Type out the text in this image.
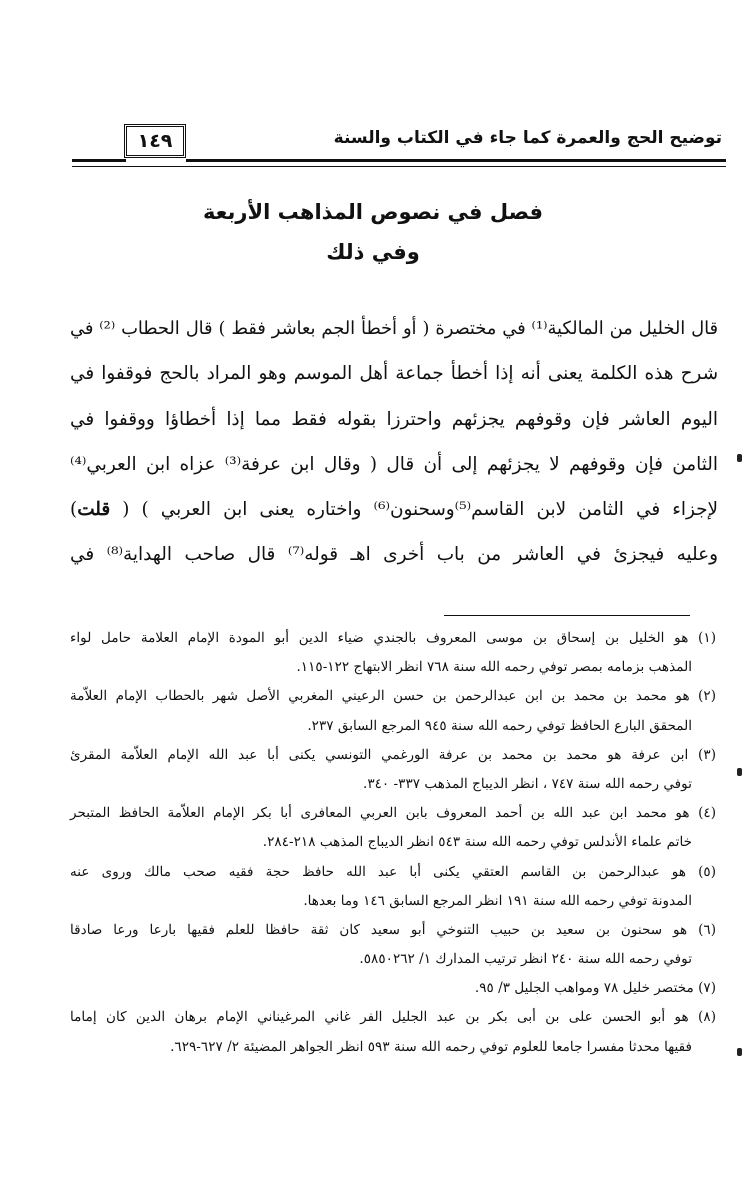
توضيح الحج والعمرة كما جاء في الكتاب والسنة
١٤٩
فصل في نصوص المذاهب الأربعة
وفي ذلك
قال الخليل من المالكية⁽¹⁾ في مختصرة ( أو أخطأ الجم بعاشر فقط ) قال الحطاب ⁽²⁾ في
شرح هذه الكلمة يعنى أنه إذا أخطأ جماعة أهل الموسم وهو المراد بالحج فوقفوا في
اليوم العاشر فإن وقوفهم يجزئهم واحترزا بقوله فقط مما إذا أخطاؤا ووقفوا في
الثامن فإن وقوفهم لا يجزئهم إلى أن قال ( وقال ابن عرفة⁽³⁾ عزاه ابن العربي⁽⁴⁾
لإجزاء في الثامن لابن القاسم⁽⁵⁾وسحنون⁽⁶⁾ واختاره يعنى ابن العربي ) ( قلت)
وعليه فيجزئ في العاشر من باب أخرى اهـ قوله⁽⁷⁾ قال صاحب الهداية⁽⁸⁾ في
(١) هو الخليل بن إسحاق بن موسى المعروف بالجندي ضياء الدين أبو المودة الإمام العلامة حامل لواء
المذهب بزمامه بمصر توفي رحمه الله سنة ٧٦٨ انظر الابتهاج ١٢٢-١١٥.
(٢) هو محمد بن محمد بن ابن عبدالرحمن بن حسن الرعيني المغربي الأصل شهر بالحطاب الإمام العلاّمة
المحقق البارع الحافظ توفي رحمه الله سنة ٩٤٥ المرجع السابق ٢٣٧.
(٣) ابن عرفة هو محمد بن محمد بن عرفة الورغمي التونسي يكنى أبا عبد الله الإمام العلاّمة المقرئ
توفي رحمه الله سنة ٧٤٧ ، انظر الديباج المذهب ٣٣٧- ٣٤٠.
(٤) هو محمد ابن عبد الله بن أحمد المعروف بابن العربي المعافرى أبا بكر الإمام العلاّمة الحافظ المتبحر
خاتم علماء الأندلس توفي رحمه الله سنة ٥٤٣ انظر الديباج المذهب ٢١٨-٢٨٤.
(٥) هو عبدالرحمن بن القاسم العتقي يكنى أبا عبد الله حافظ حجة فقيه صحب مالك وروى عنه
المدونة توفي رحمه الله سنة ١٩١ انظر المرجع السابق ١٤٦ وما بعدها.
(٦) هو سحنون بن سعيد بن حبيب التنوخي أبو سعيد كان ثقة حافظا للعلم فقيها بارعا ورعا صادقا
توفي رحمه الله سنة ٢٤٠ انظر ترتيب المدارك ١/ ٥٨٥٠٢٦٢.
(٧) مختصر خليل ٧٨ ومواهب الجليل ٣/ ٩٥.
(٨) هو أبو الحسن على بن أبى بكر بن عبد الجليل الفر غاني المرغيناني الإمام برهان الدين كان إماما
فقيها محدثا مفسرا جامعا للعلوم توفي رحمه الله سنة ٥٩٣ انظر الجواهر المضيئة ٢/ ٦٢٧-٦٢٩.
